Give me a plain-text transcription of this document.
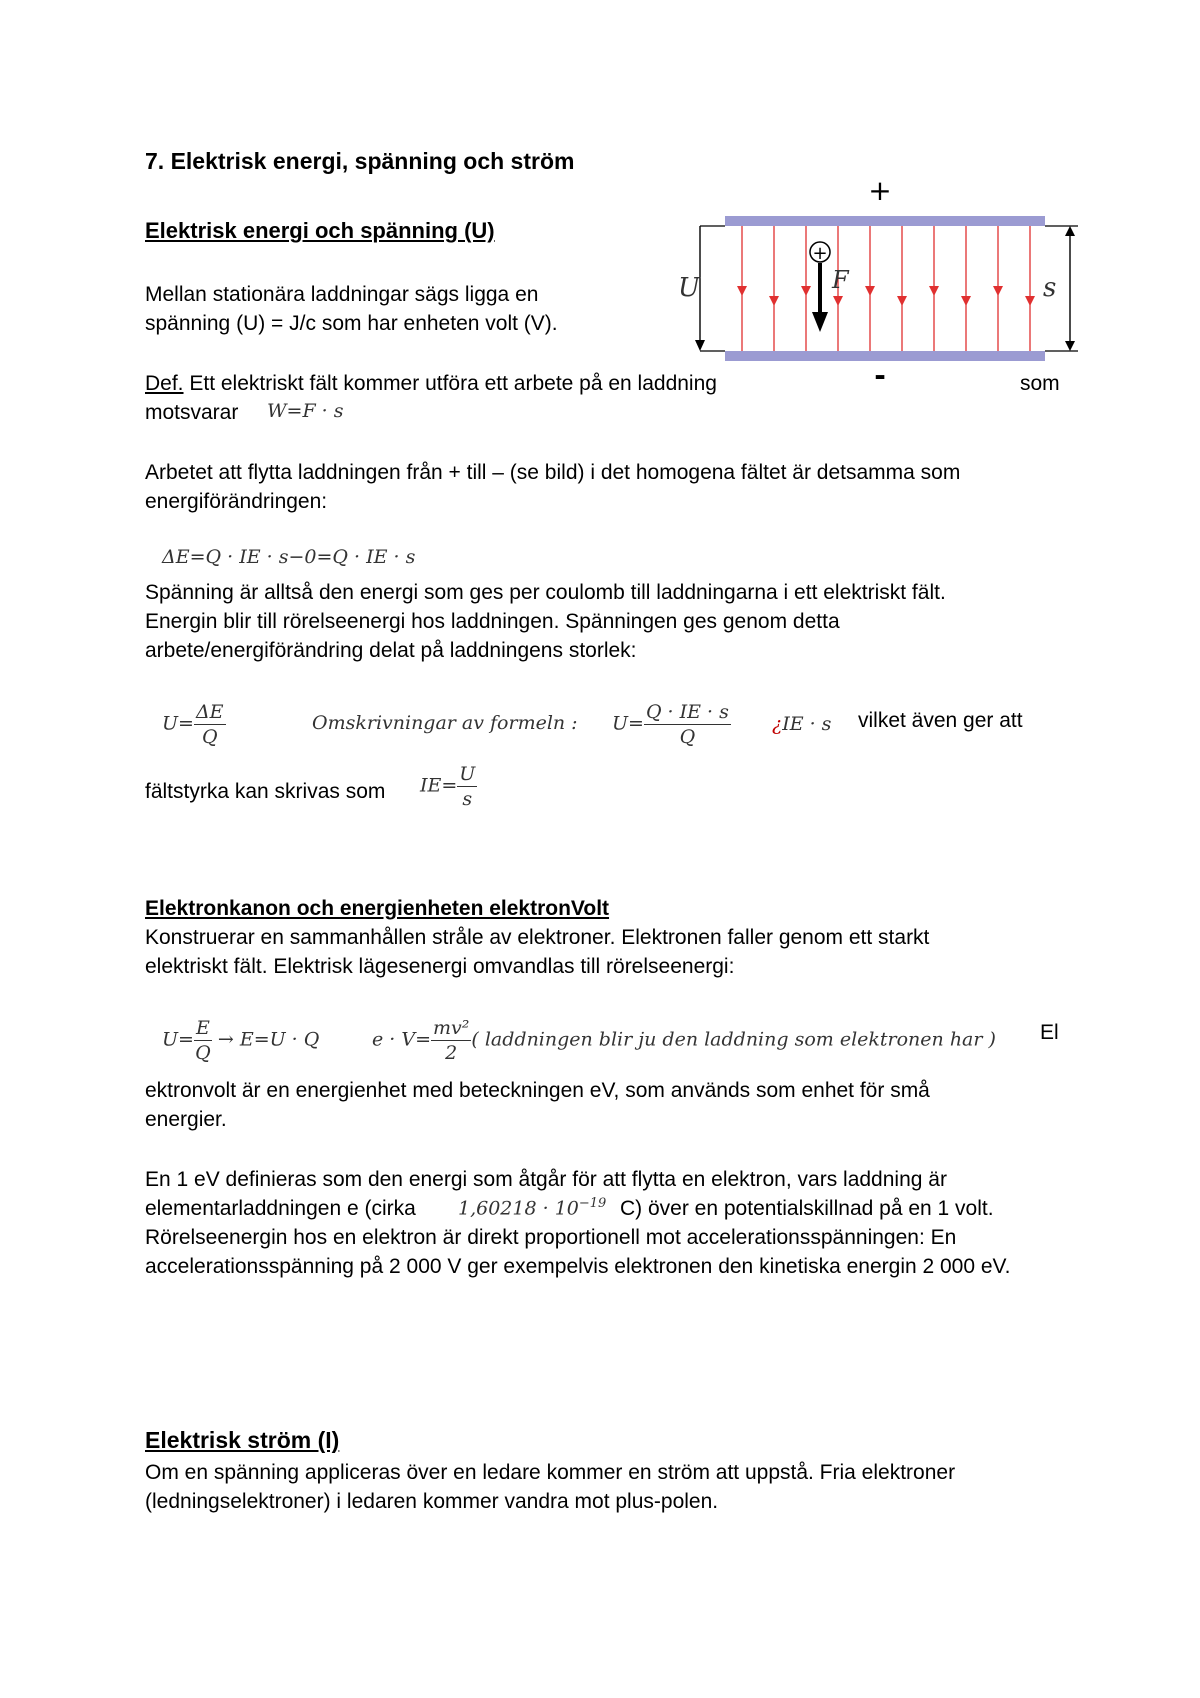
7. Elektrisk energi, spänning och ström
Elektrisk energi och spänning (U)
Mellan stationära laddningar sägs ligga en
spänning (U) = J/c som har enheten volt (V).
Def. Ett elektriskt fält kommer utföra ett arbete på en laddning	som
motsvarar W=F · s
Arbetet att flytta laddningen från + till – (se bild) i det homogena fältet är detsamma som
energiförändringen:
ΔE=Q · IE · s−0=Q · IE · s
Spänning är alltså den energi som ges per coulomb till laddningarna i ett elektriskt fält.
Energin blir till rörelseenergi hos laddningen. Spänningen ges genom detta
arbete/energiförändring delat på laddningens storlek:
$U= \frac{\Delta E}{Q}$	Omskrivningar av formeln : $U= \frac{Q \cdot IE \cdot s}{Q}$ ¿IE · s vilket även ger att
fältstyrka kan skrivas som $IE= \frac{U}{s}$
+
U	s
+
F
-
Elektronkanon och energienheten elektronVolt
Konstruerar en sammanhållen stråle av elektroner. Elektronen faller genom ett starkt
elektriskt fält. Elektrisk lägesenergi omvandlas till rörelseenergi:
$U= \frac{E}{Q} \to E=U \cdot Q$	$e \cdot V= \frac{\text{mv²}}{2}$ ( laddningen blir ju den laddning som elektronen har ) El
ektronvolt är en energienhet med beteckningen eV, som används som enhet för små
energier.
En 1 eV definieras som den energi som åtgår för att flytta en elektron, vars laddning är
elementarladdningen e (cirka $1,60218 \cdot 10^{-19}$ C) över en potentialskillnad på en 1 volt.
Rörelseenergin hos en elektron är direkt proportionell mot accelerationsspänningen: En
accelerationsspänning på 2 000 V ger exempelvis elektronen den kinetiska energin 2 000 eV.
Elektrisk ström (I)
Om en spänning appliceras över en ledare kommer en ström att uppstå. Fria elektroner
(ledningselektroner) i ledaren kommer vandra mot plus-polen.
